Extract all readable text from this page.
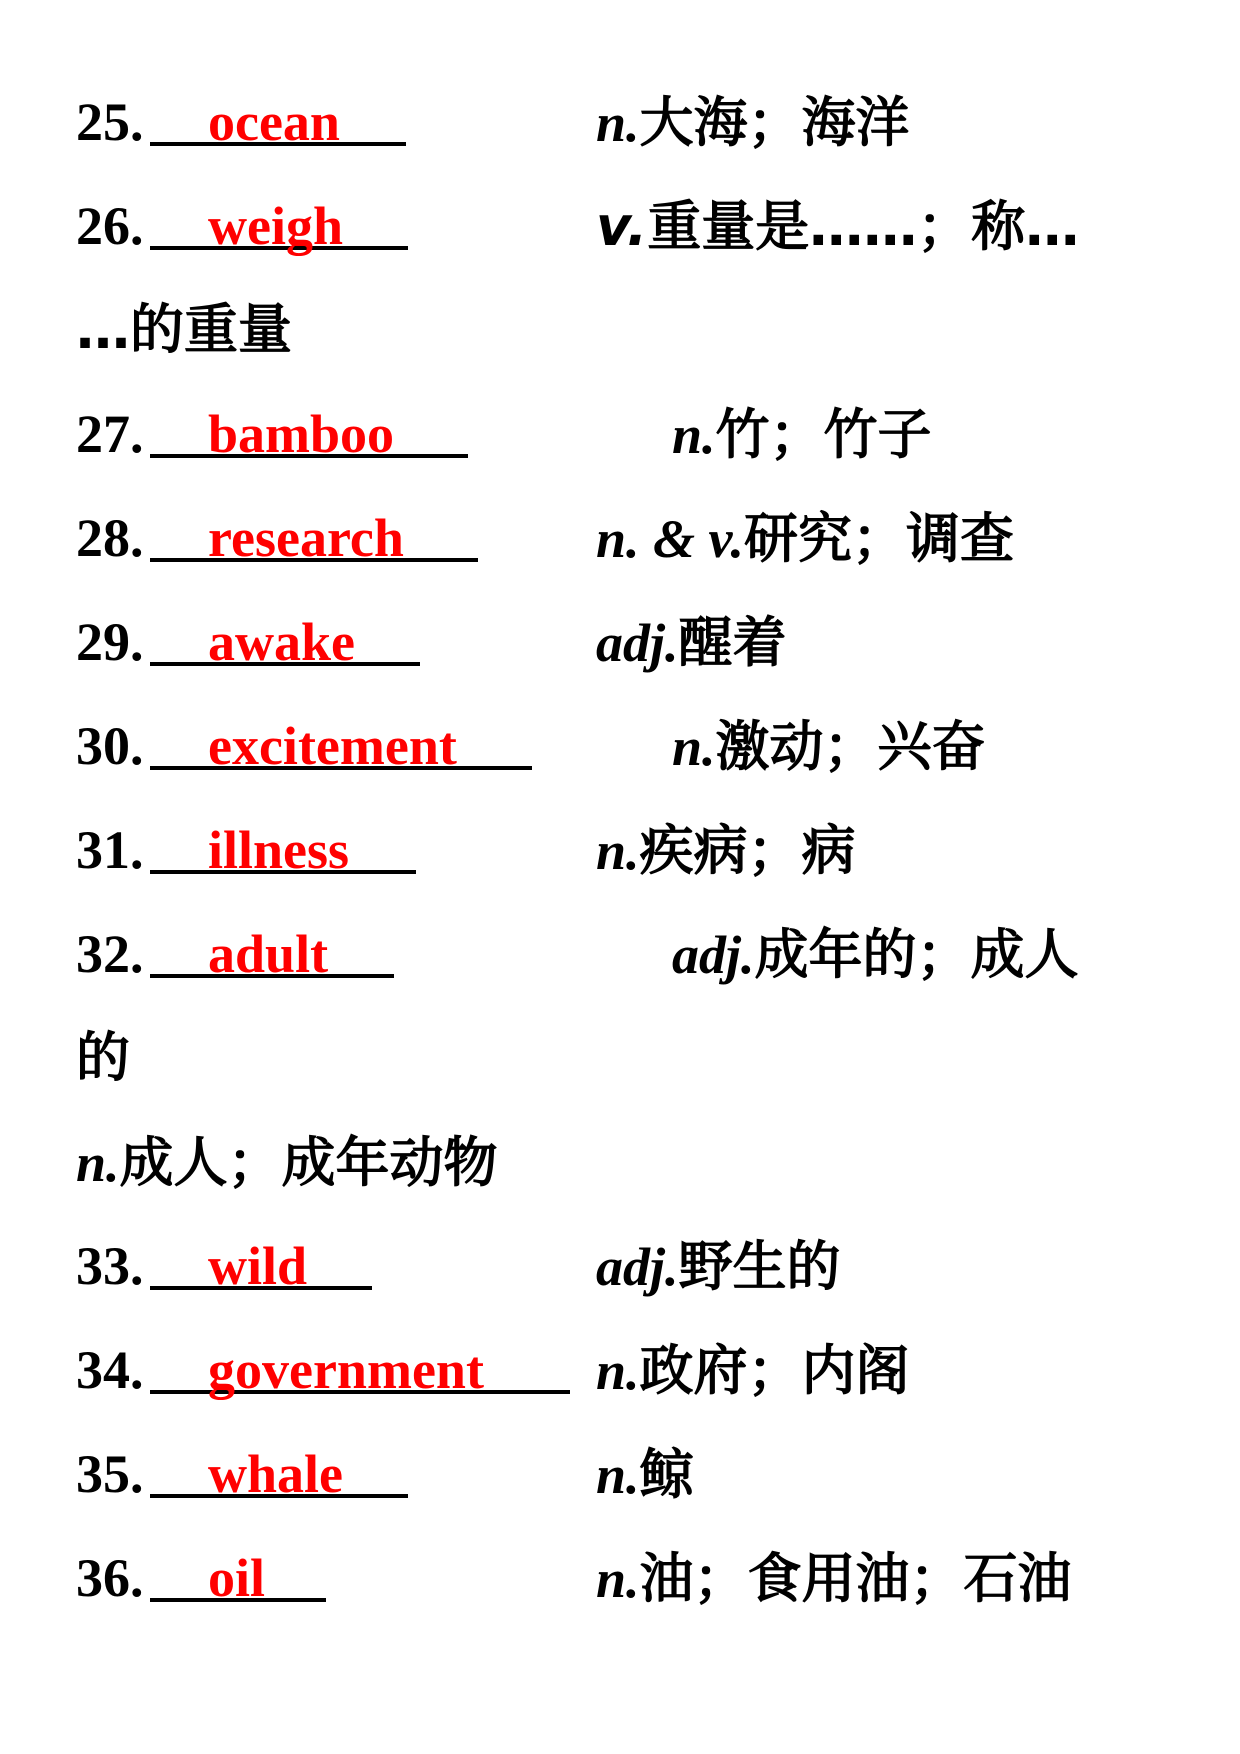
25. ocean	n.大海；海洋
26. weigh	v.重量是……；称…
…的重量
27. bamboo	n.竹；竹子
28. research	n. & v.研究；调查
29. awake	adj.醒着
30. excitement	n.激动；兴奋
31. illness	n.疾病；病
32. adult	adj.成年的；成人
的
n.成人；成年动物
33. wild	adj.野生的
34. government n.政府；内阁
35. whale	n.鲸
36. oil	n.油；食用油；石油
